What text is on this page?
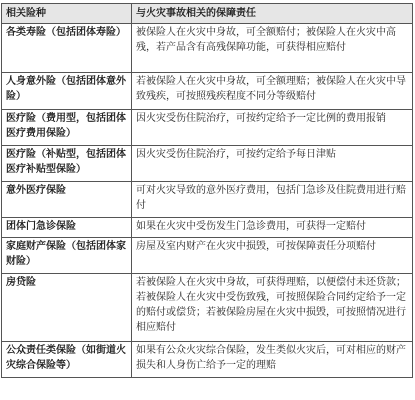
相关险种	与火灾事故相关的保障责任
各类寿险（包括团体寿险）	被保险人在火灾中身故，可全额赔付；被保险人在火灾中高残，若产品含有高残保障功能，可获得相应赔付
人身意外险（包括团体意外险）	若被保险人在火灾中身故，可全额理赔；被保险人在火灾中导致残疾，可按照残疾程度不同分等级赔付
医疗险（费用型，包括团体医疗费用保险）	因火灾受伤住院治疗，可按约定给予一定比例的费用报销
医疗险（补贴型，包括团体医疗补贴型保险）	因火灾受伤住院治疗，可按约定给予每日津贴
意外医疗保险	可对火灾导致的意外医疗费用，包括门急诊及住院费用进行赔付
团体门急诊保险	如果在火灾中受伤发生门急诊费用，可获得一定赔付
家庭财产保险（包括团体家财险）	房屋及室内财产在火灾中损毁，可按保障责任分项赔付
房贷险	若被保险人在火灾中身故，可获得理赔，以便偿付未还贷款；若被保险人在火灾中受伤致残，可按照保险合同约定给予一定的赔付或偿贷；若被保险房屋在火灾中损毁，可按照情况进行相应赔付
公众责任类保险（如街道火灾综合保险等）	如果有公众火灾综合保险，发生类似火灾后，可对相应的财产损失和人身伤亡给予一定的理赔
